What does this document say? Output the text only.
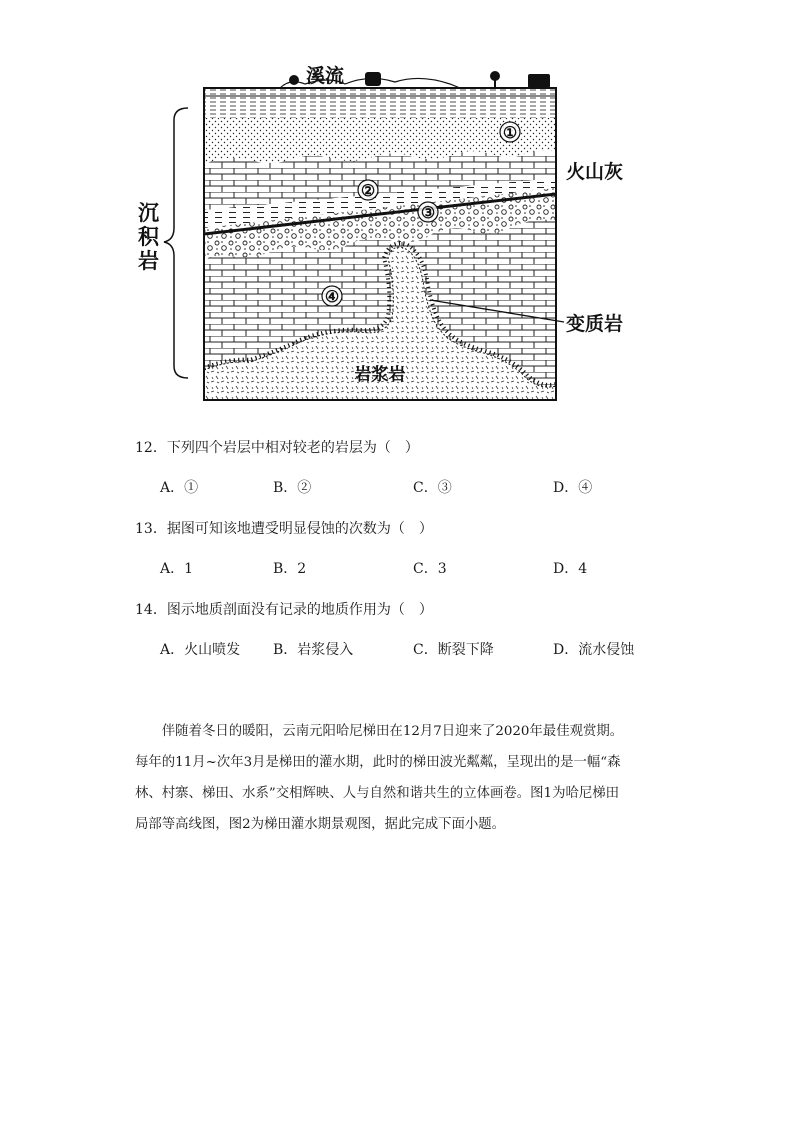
溪流
①
②
③
④
火山灰
变质岩
岩浆岩
沉
积
岩
12．下列四个岩层中相对较老的岩层为（　）
A．①	B．②	C．③	D．④
13．据图可知该地遭受明显侵蚀的次数为（　）
A．1	B．2	C．3	D．4
14．图示地质剖面没有记录的地质作用为（　）
A．火山喷发 B．岩浆侵入	C．断裂下降	D．流水侵蚀

伴随着冬日的暖阳，云南元阳哈尼梯田在12月7日迎来了2020年最佳观赏期。

每年的11月~次年3月是梯田的灌水期，此时的梯田波光粼粼，呈现出的是一幅“森

林、村寨、梯田、水系”交相辉映、人与自然和谐共生的立体画卷。图1为哈尼梯田

局部等高线图，图2为梯田灌水期景观图，据此完成下面小题。
